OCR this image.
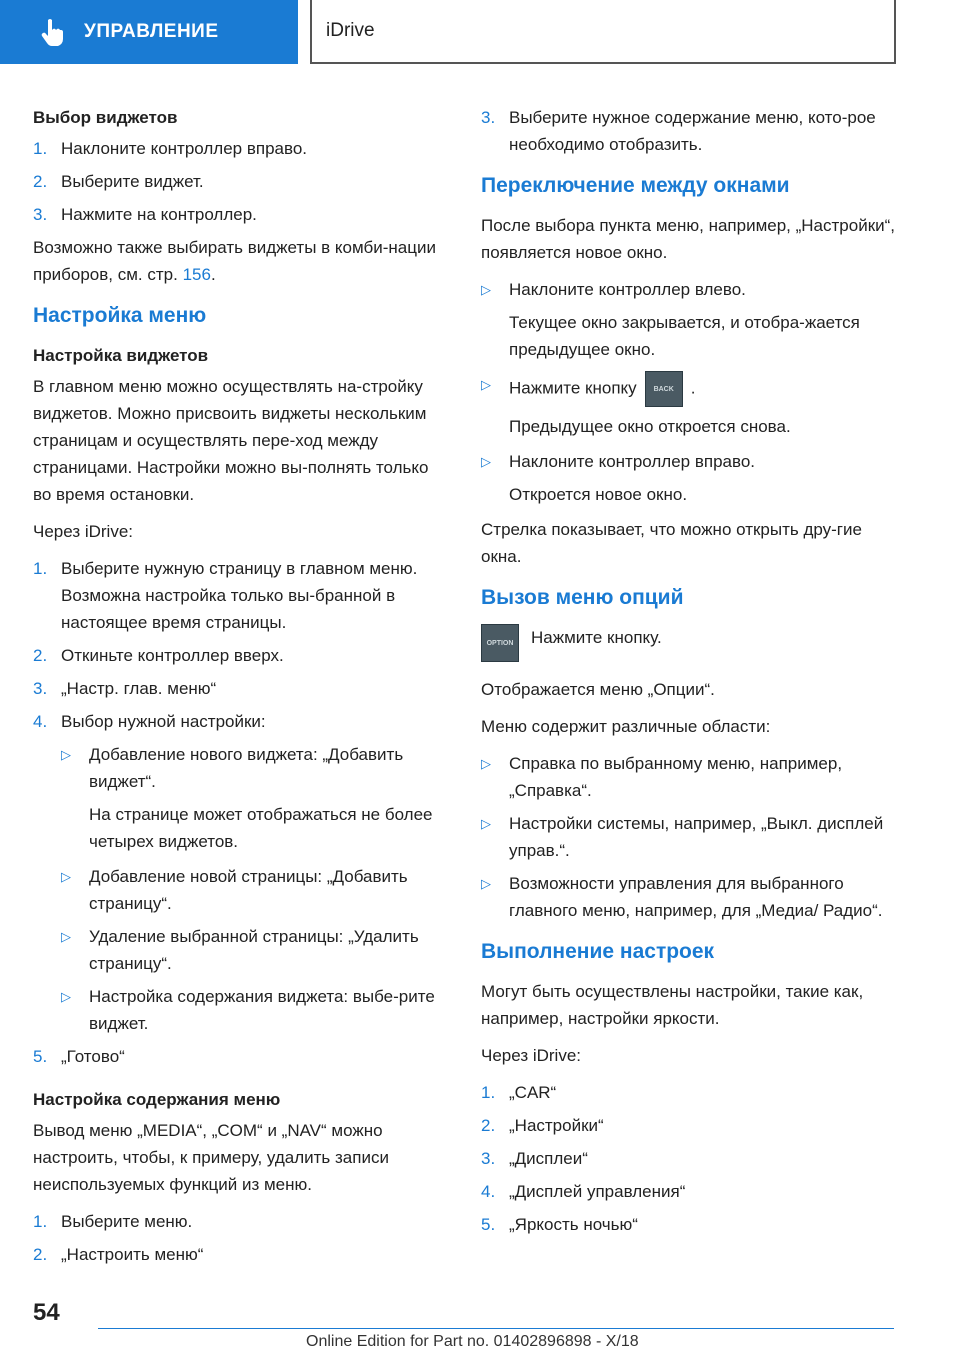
УПРАВЛЕНИЕ	iDrive
Выбор виджетов
1. Наклоните контроллер вправо.
2. Выберите виджет.
3. Нажмите на контроллер.
Возможно также выбирать виджеты в комби-нации приборов, см. стр. 156.
Настройка меню
Настройка виджетов
В главном меню можно осуществлять на-стройку виджетов. Можно присвоить виджеты нескольким страницам и осуществлять пере-ход между страницами. Настройки можно вы-полнять только во время остановки.
Через iDrive:
1. Выберите нужную страницу в главном меню. Возможна настройка только вы-бранной в настоящее время страницы.
2. Откиньте контроллер вверх.
3. „Настр. глав. меню“
4. Выбор нужной настройки:
▷	Добавление нового виджета: „Добавить виджет“.
На странице может отображаться не более четырех виджетов.
▷	Добавление новой страницы: „Добавить страницу“.
▷	Удаление выбранной страницы: „Удалить страницу“.
▷	Настройка содержания виджета: выбе-рите виджет.
5. „Готово“
Настройка содержания меню
Вывод меню „MEDIA“, „COM“ и „NAV“ можно настроить, чтобы, к примеру, удалить записи неиспользуемых функций из меню.
1. Выберите меню.
2. „Настроить меню“
3. Выберите нужное содержание меню, кото-рое необходимо отобразить.
Переключение между окнами
После выбора пункта меню, например, „Настройки“, появляется новое окно.
▷	Наклоните контроллер влево.
Текущее окно закрывается, и отобра-жается предыдущее окно.
▷	Нажмите кнопку BACK .
Предыдущее окно откроется снова.
▷	Наклоните контроллер вправо.
Откроется новое окно.
Стрелка показывает, что можно открыть дру-гие окна.
Вызов меню опций
OPTION	Нажмите кнопку.
Отображается меню „Опции“.
Меню содержит различные области:
▷	Справка по выбранному меню, например, „Справка“.
▷	Настройки системы, например, „Выкл. дисплей управ.“.
▷	Возможности управления для выбранного главного меню, например, для „Медиа/ Радио“.
Выполнение настроек
Могут быть осуществлены настройки, такие как, например, настройки яркости.
Через iDrive:
1. „CAR“
2. „Настройки“
3. „Дисплеи“
4. „Дисплей управления“
5. „Яркость ночью“
54
Online Edition for Part no. 01402896898 - X/18
